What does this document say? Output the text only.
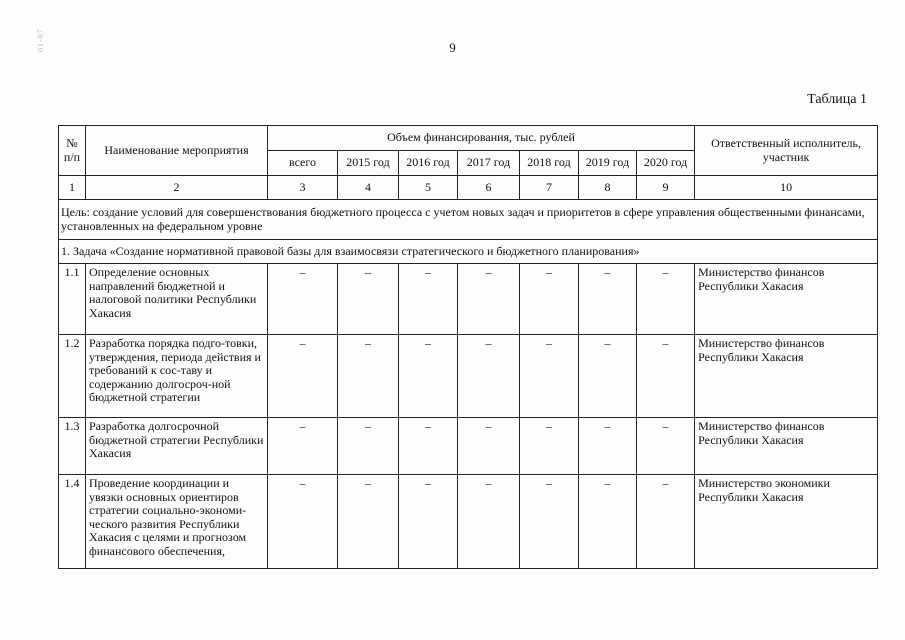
9
01-07
Таблица 1
№ п/п	Наименование мероприятия	Объем финансирования, тыс. рублей							Ответственный исполнитель, участник
		всего	2015 год	2016 год	2017 год	2018 год	2019 год	2020 год	
1	2	3	4	5	6	7	8	9	10
Цель: создание условий для совершенствования бюджетного процесса с учетом новых задач и приоритетов в сфере управления общественными финансами, установленных на федеральном уровне									
1. Задача «Создание нормативной правовой базы для взаимосвязи стратегического и бюджетного планирования»									
1.1	Определение основных направлений бюджетной и налоговой политики Республики Хакасия	–	–	–	–	–	–	–	Министерство финансов Республики Хакасия
1.2	Разработка порядка подго-товки, утверждения, периода действия и требований к сос-таву и содержанию долгосроч-ной бюджетной стратегии	–	–	–	–	–	–	–	Министерство финансов Республики Хакасия
1.3	Разработка долгосрочной бюджетной стратегии Республики Хакасия	–	–	–	–	–	–	–	Министерство финансов Республики Хакасия
1.4	Проведение координации и увязки основных ориентиров стратегии социально-экономи-ческого развития Республики Хакасия с целями и прогнозом финансового обеспечения,	–	–	–	–	–	–	–	Министерство экономики Республики Хакасия
